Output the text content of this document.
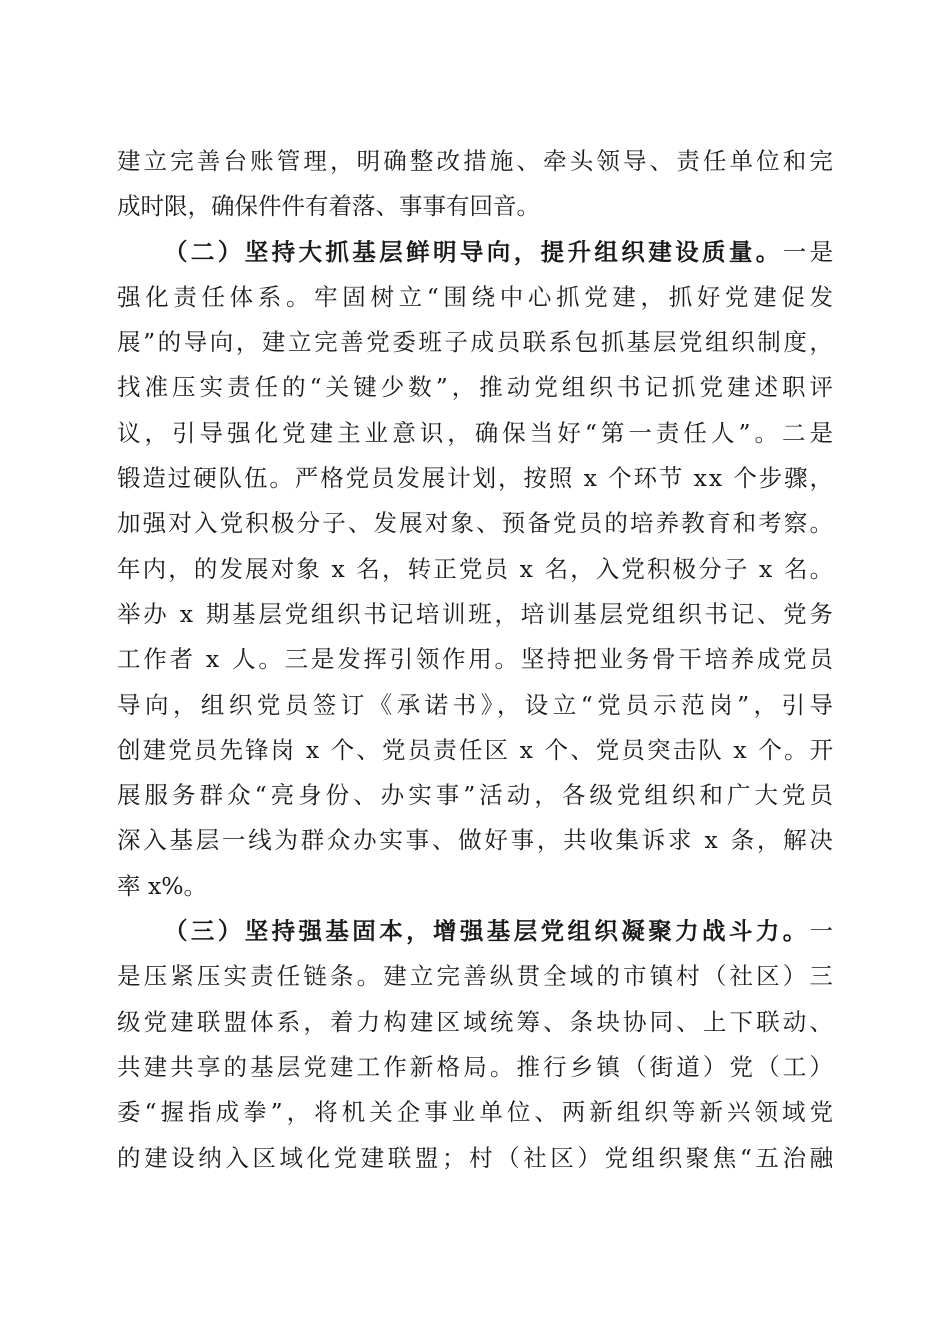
建立完善台账管理，明确整改措施、牵头领导、责任单位和完
成时限，确保件件有着落、事事有回音。
（二）坚持大抓基层鲜明导向，提升组织建设质量。一是
强化责任体系。牢固树立“围绕中心抓党建，抓好党建促发
展”的导向，建立完善党委班子成员联系包抓基层党组织制度，
找准压实责任的“关键少数”，推动党组织书记抓党建述职评
议，引导强化党建主业意识，确保当好“第一责任人”。二是
锻造过硬队伍。严格党员发展计划，按照 x 个环节 xx 个步骤，
加强对入党积极分子、发展对象、预备党员的培养教育和考察。
年内，的发展对象 x 名，转正党员 x 名，入党积极分子 x 名。
举办 x 期基层党组织书记培训班，培训基层党组织书记、党务
工作者 x 人。三是发挥引领作用。坚持把业务骨干培养成党员
导向，组织党员签订《承诺书》，设立“党员示范岗”，引导
创建党员先锋岗 x 个、党员责任区 x 个、党员突击队 x 个。开
展服务群众“亮身份、办实事”活动，各级党组织和广大党员
深入基层一线为群众办实事、做好事，共收集诉求 x 条，解决
率 x%。
（三）坚持强基固本，增强基层党组织凝聚力战斗力。一
是压紧压实责任链条。建立完善纵贯全域的市镇村（社区）三
级党建联盟体系，着力构建区域统筹、条块协同、上下联动、
共建共享的基层党建工作新格局。推行乡镇（街道）党（工）
委“握指成拳”，将机关企事业单位、两新组织等新兴领域党
的建设纳入区域化党建联盟；村（社区）党组织聚焦“五治融
